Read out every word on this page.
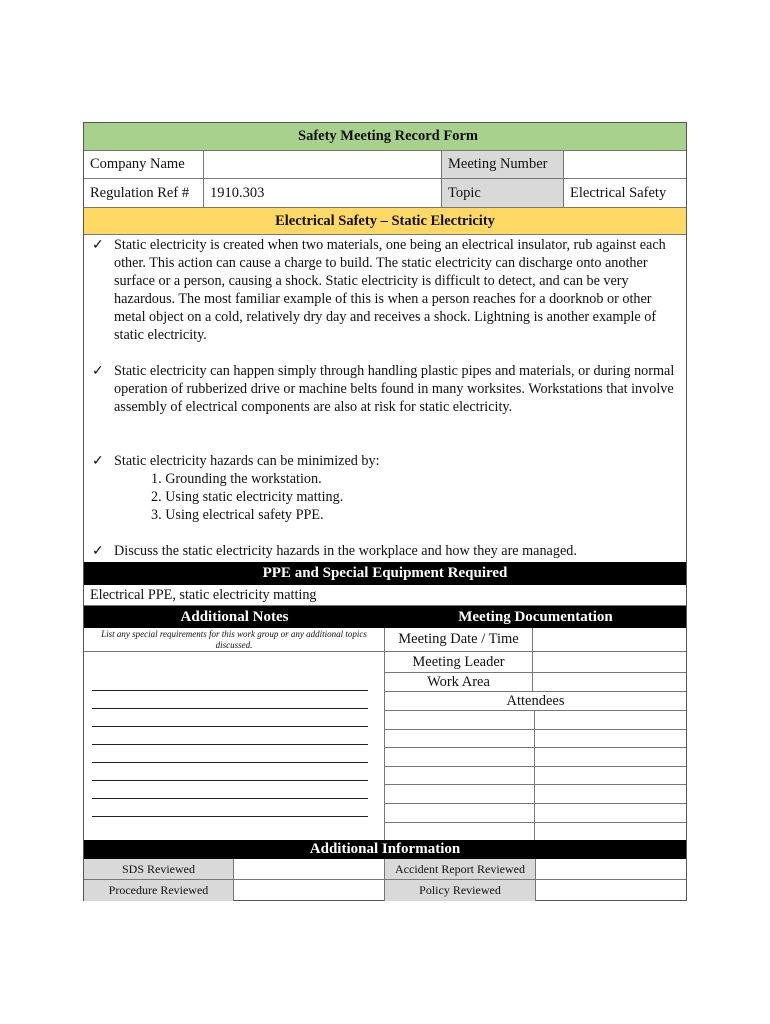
Safety Meeting Record Form
Company Name	Meeting Number
Regulation Ref #	1910.303	Topic	Electrical Safety
Electrical Safety – Static Electricity
✓ Static electricity is created when two materials, one being an electrical insulator, rub against each other. This action can cause a charge to build. The static electricity can discharge onto another surface or a person, causing a shock. Static electricity is difficult to detect, and can be very hazardous. The most familiar example of this is when a person reaches for a doorknob or other metal object on a cold, relatively dry day and receives a shock. Lightning is another example of static electricity.
✓ Static electricity can happen simply through handling plastic pipes and materials, or during normal operation of rubberized drive or machine belts found in many worksites. Workstations that involve assembly of electrical components are also at risk for static electricity.
✓ Static electricity hazards can be minimized by:
1. Grounding the workstation.
2. Using static electricity matting.
3. Using electrical safety PPE.
✓ Discuss the static electricity hazards in the workplace and how they are managed.
PPE and Special Equipment Required
Electrical PPE, static electricity matting
Additional Notes	Meeting Documentation
List any special requirements for this work group or any additional topics discussed.	Meeting Date / Time
Meeting Leader
Work Area
Attendees
Additional Information
SDS Reviewed	Accident Report Reviewed
Procedure Reviewed	Policy Reviewed
